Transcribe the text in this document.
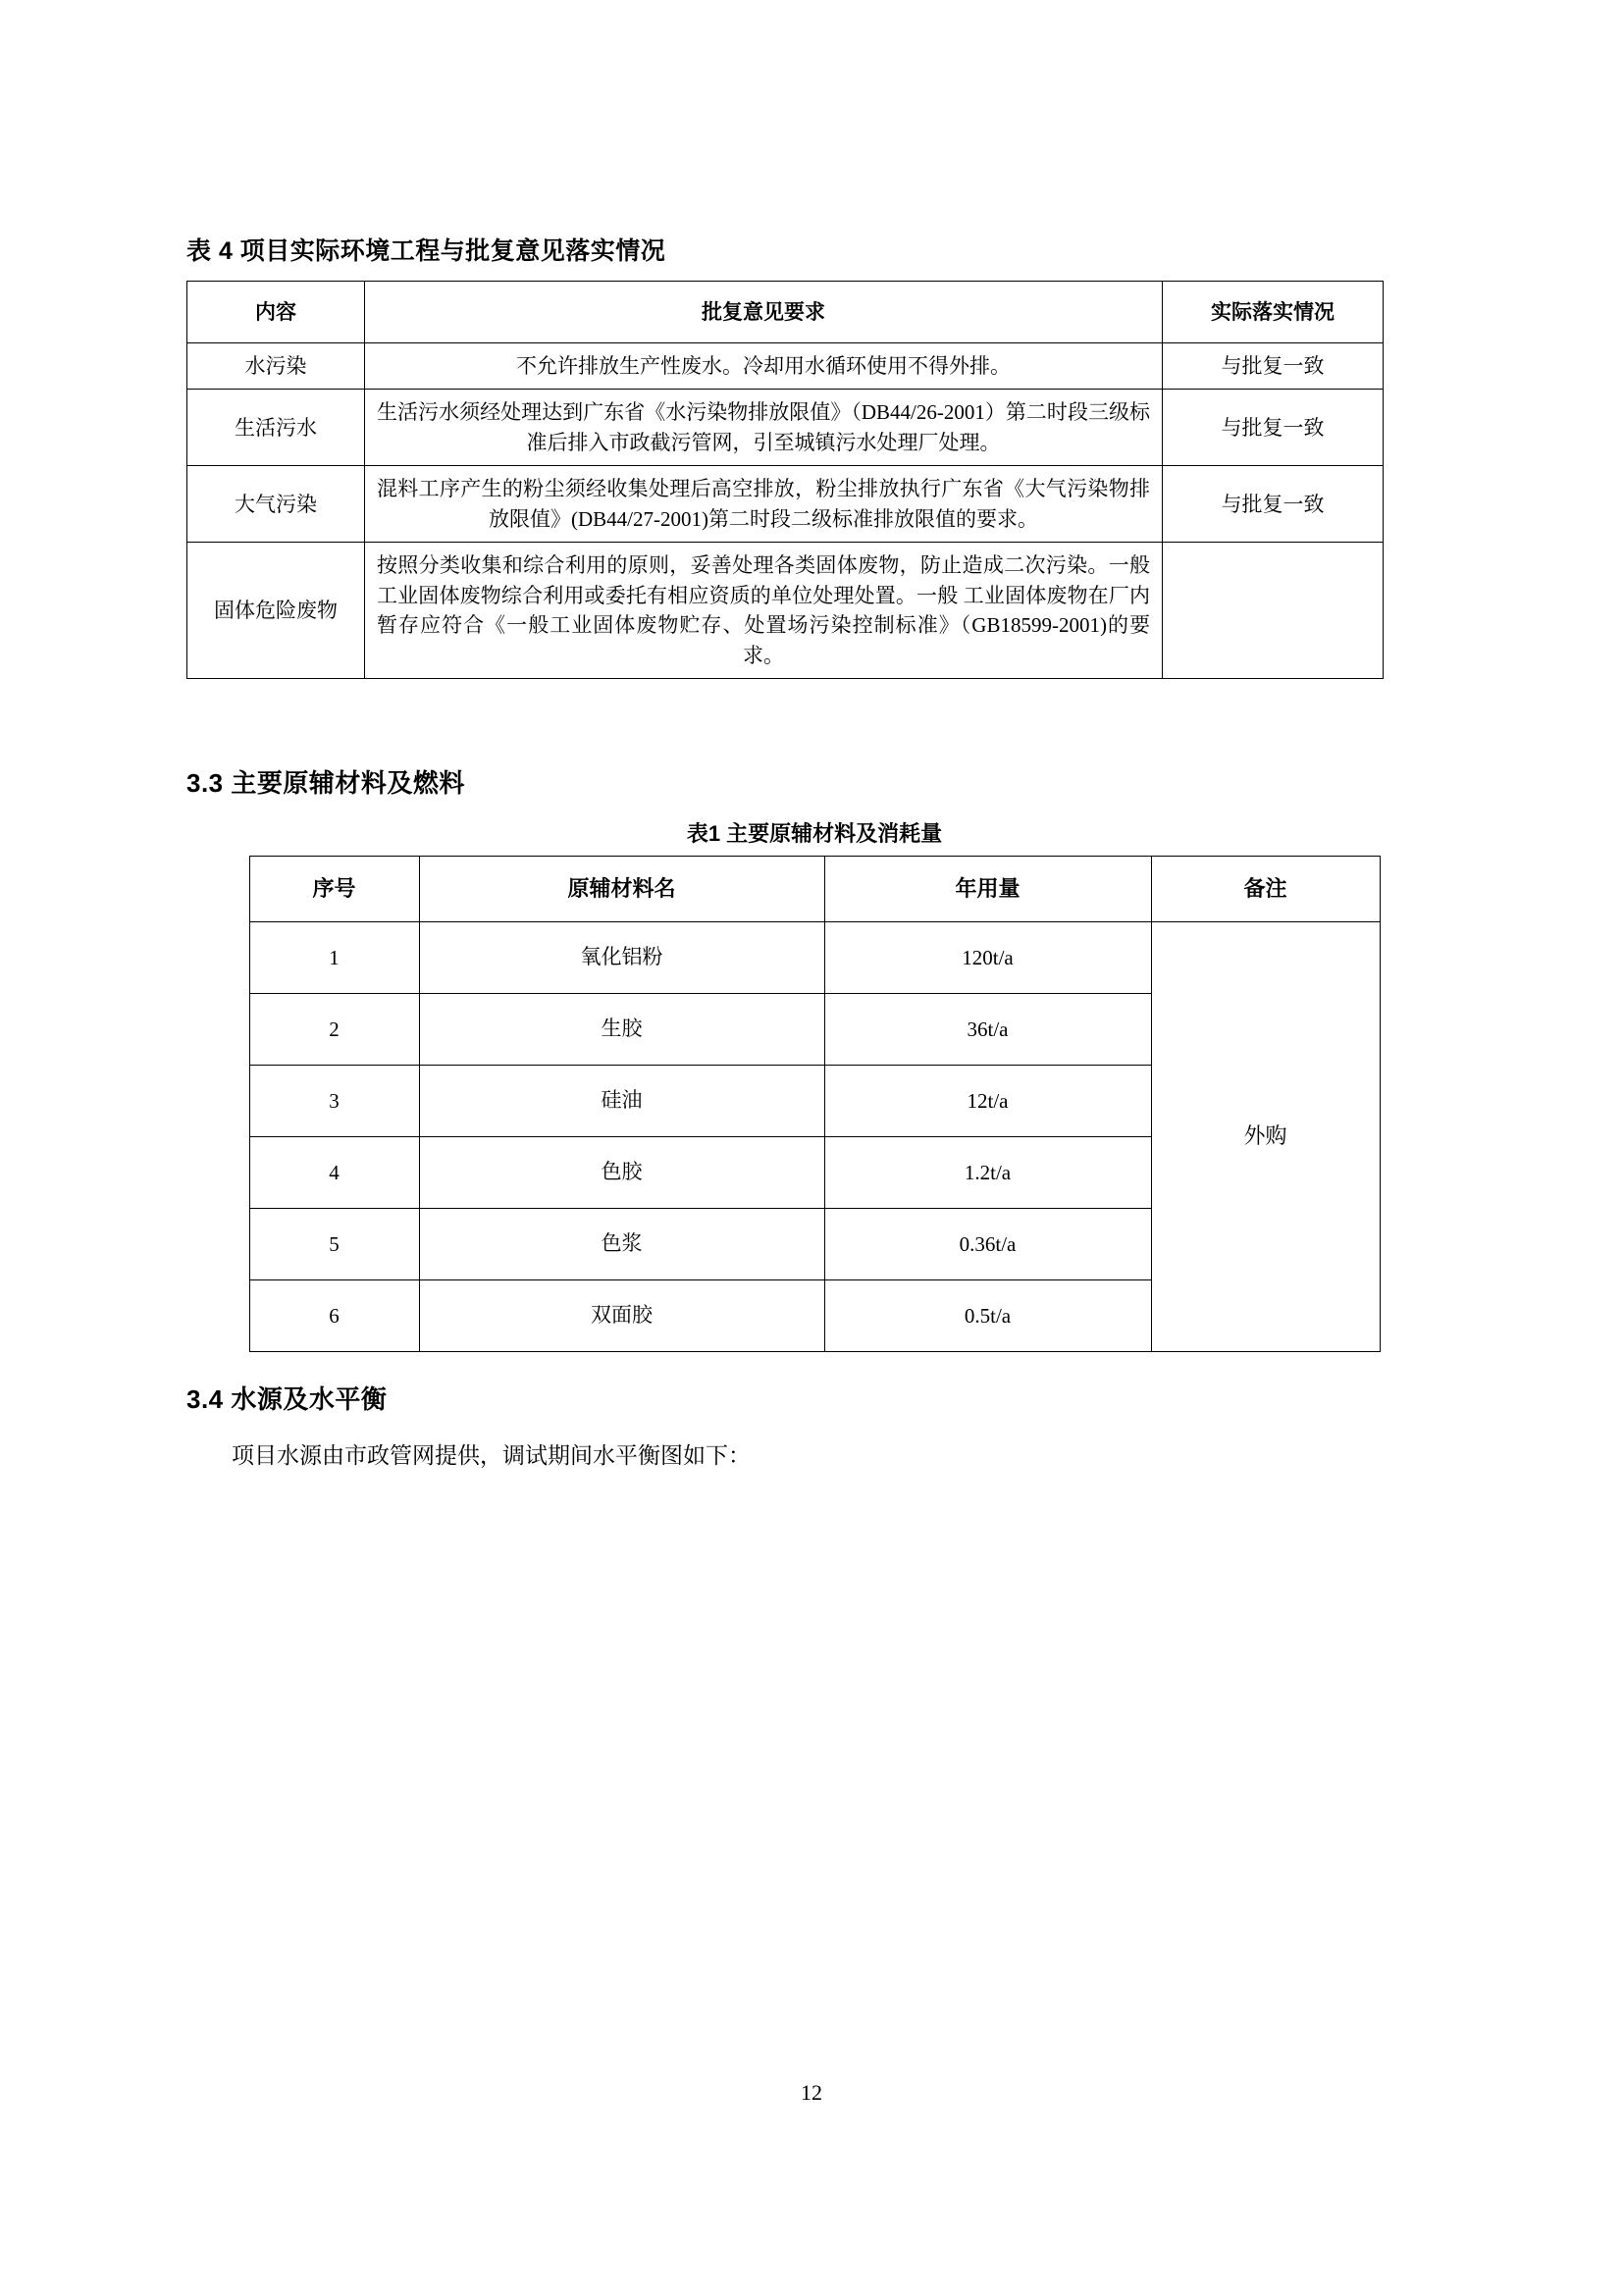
表 4 项目实际环境工程与批复意见落实情况
内容	批复意见要求	实际落实情况
水污染	不允许排放生产性废水。冷却用水循环使用不得外排。	与批复一致
生活污水	生活污水须经处理达到广东省《水污染物排放限值》（DB44/26-2001）第二时段三级标准后排入市政截污管网，引至城镇污水处理厂处理。	与批复一致
大气污染	混料工序产生的粉尘须经收集处理后高空排放，粉尘排放执行广东省《大气污染物排放限值》(DB44/27-2001)第二时段二级标准排放限值的要求。	与批复一致
固体危险废物	按照分类收集和综合利用的原则，妥善处理各类固体废物，防止造成二次污染。一般工业固体废物综合利用或委托有相应资质的单位处理处置。一般 工业固体废物在厂内暂存应符合《一般工业固体废物贮存、处置场污染控制标准》（GB18599-2001)的要求。	
3.3 主要原辅材料及燃料
表1 主要原辅材料及消耗量
序号	原辅材料名	年用量	备注
1	氧化铝粉	120t/a	外购
2	生胶	36t/a	
3	硅油	12t/a	
4	色胶	1.2t/a	
5	色浆	0.36t/a	
6	双面胶	0.5t/a	
3.4 水源及水平衡

项目水源由市政管网提供，调试期间水平衡图如下：

12
